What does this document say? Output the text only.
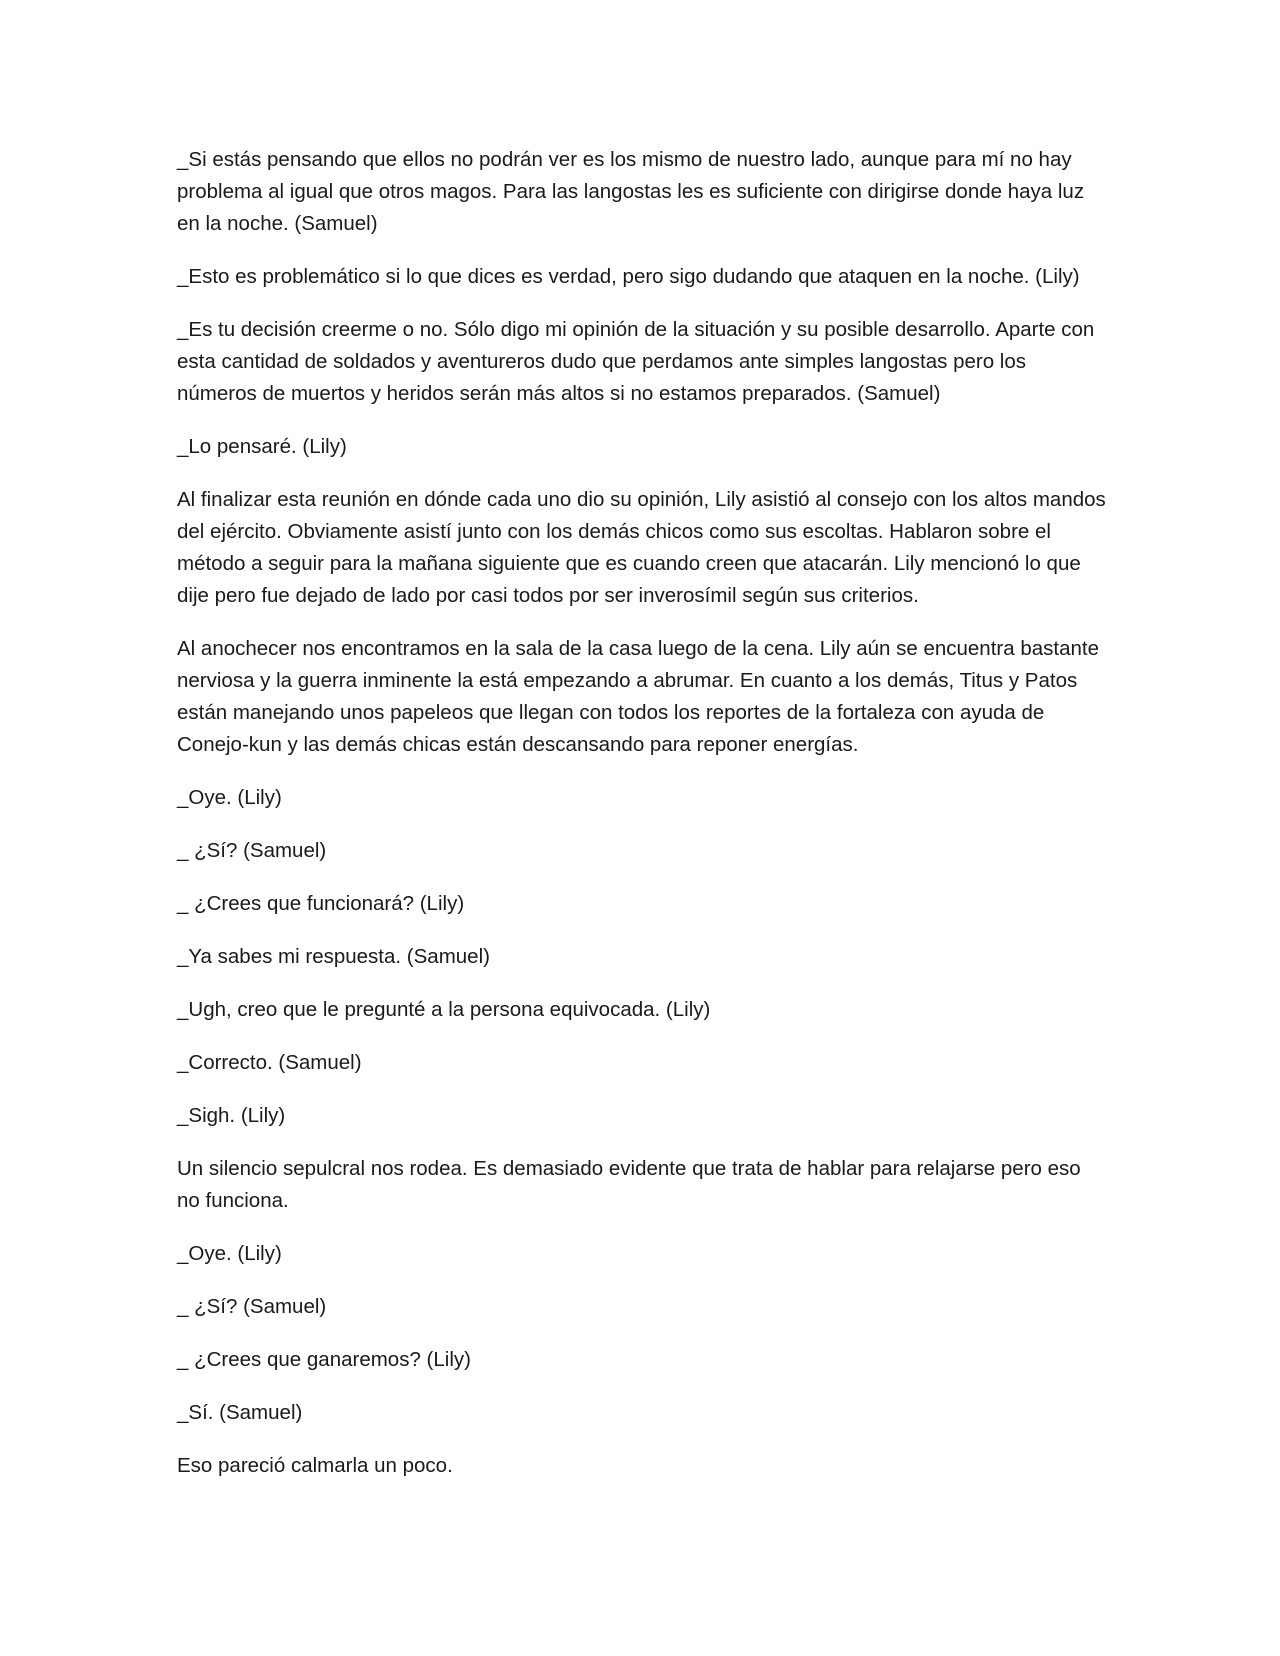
_Si estás pensando que ellos no podrán ver es los mismo de nuestro lado, aunque para mí no hay problema al igual que otros magos. Para las langostas les es suficiente con dirigirse donde haya luz en la noche. (Samuel)

_Esto es problemático si lo que dices es verdad, pero sigo dudando que ataquen en la noche. (Lily)

_Es tu decisión creerme o no. Sólo digo mi opinión de la situación y su posible desarrollo. Aparte con esta cantidad de soldados y aventureros dudo que perdamos ante simples langostas pero los números de muertos y heridos serán más altos si no estamos preparados. (Samuel)

_Lo pensaré. (Lily)

Al finalizar esta reunión en dónde cada uno dio su opinión, Lily asistió al consejo con los altos mandos del ejército. Obviamente asistí junto con los demás chicos como sus escoltas. Hablaron sobre el método a seguir para la mañana siguiente que es cuando creen que atacarán. Lily mencionó lo que dije pero fue dejado de lado por casi todos por ser inverosímil según sus criterios.

Al anochecer nos encontramos en la sala de la casa luego de la cena. Lily aún se encuentra bastante nerviosa y la guerra inminente la está empezando a abrumar. En cuanto a los demás, Titus y Patos están manejando unos papeleos que llegan con todos los reportes de la fortaleza con ayuda de Conejo-kun y las demás chicas están descansando para reponer energías.

_Oye. (Lily)

_ ¿Sí? (Samuel)

_ ¿Crees que funcionará? (Lily)

_Ya sabes mi respuesta. (Samuel)

_Ugh, creo que le pregunté a la persona equivocada. (Lily)

_Correcto. (Samuel)

_Sigh. (Lily)

Un silencio sepulcral nos rodea. Es demasiado evidente que trata de hablar para relajarse pero eso no funciona.

_Oye. (Lily)

_ ¿Sí? (Samuel)

_ ¿Crees que ganaremos? (Lily)

_Sí. (Samuel)

Eso pareció calmarla un poco.
